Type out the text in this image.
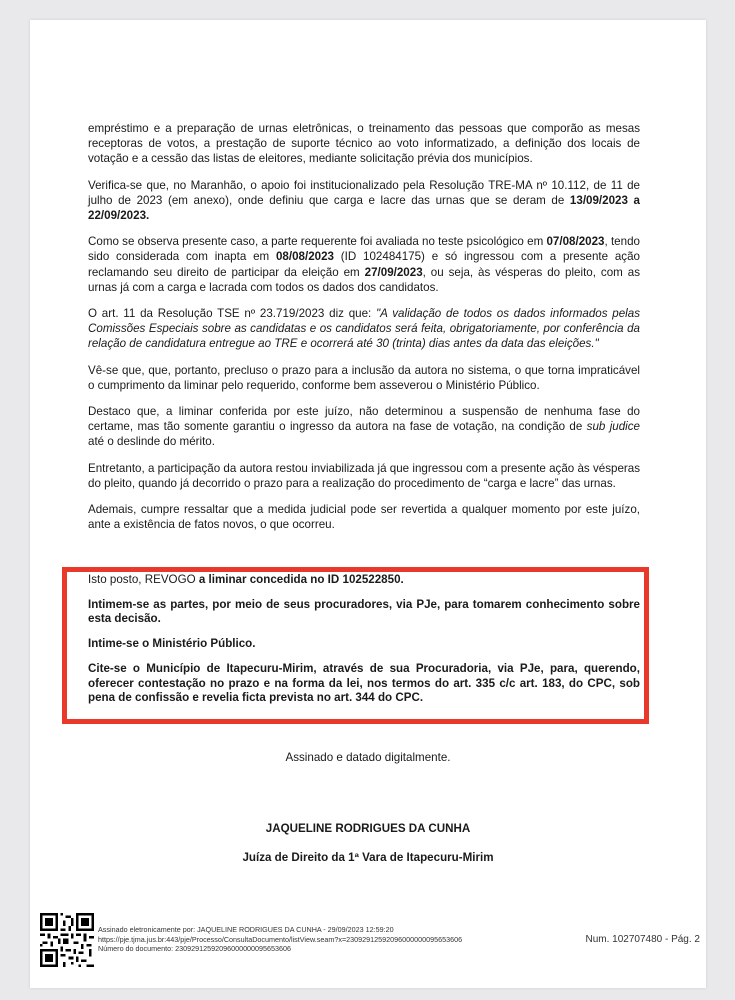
empréstimo e a preparação de urnas eletrônicas, o treinamento das pessoas que comporão as mesas receptoras de votos, a prestação de suporte técnico ao voto informatizado, a definição dos locais de votação e a cessão das listas de eleitores, mediante solicitação prévia dos municípios.

Verifica-se que, no Maranhão, o apoio foi institucionalizado pela Resolução TRE-MA nº 10.112, de 11 de julho de 2023 (em anexo), onde definiu que carga e lacre das urnas que se deram de 13/09/2023 a 22/09/2023.

Como se observa presente caso, a parte requerente foi avaliada no teste psicológico em 07/08/2023, tendo sido considerada com inapta em 08/08/2023 (ID 102484175) e só ingressou com a presente ação reclamando seu direito de participar da eleição em 27/09/2023, ou seja, às vésperas do pleito, com as urnas já com a carga e lacrada com todos os dados dos candidatos.

O art. 11 da Resolução TSE nº 23.719/2023 diz que: "A validação de todos os dados informados pelas Comissões Especiais sobre as candidatas e os candidatos será feita, obrigatoriamente, por conferência da relação de candidatura entregue ao TRE e ocorrerá até 30 (trinta) dias antes da data das eleições."

Vê-se que, que, portanto, precluso o prazo para a inclusão da autora no sistema, o que torna impraticável o cumprimento da liminar pelo requerido, conforme bem asseverou o Ministério Público.

Destaco que, a liminar conferida por este juízo, não determinou a suspensão de nenhuma fase do certame, mas tão somente garantiu o ingresso da autora na fase de votação, na condição de sub judice até o deslinde do mérito.

Entretanto, a participação da autora restou inviabilizada já que ingressou com a presente ação às vésperas do pleito, quando já decorrido o prazo para a realização do procedimento de “carga e lacre” das urnas.

Ademais, cumpre ressaltar que a medida judicial pode ser revertida a qualquer momento por este juízo, ante a existência de fatos novos, o que ocorreu.

Isto posto, REVOGO a liminar concedida no ID 102522850.

Intimem-se as partes, por meio de seus procuradores, via PJe, para tomarem conhecimento sobre esta decisão.

Intime-se o Ministério Público.

Cite-se o Município de Itapecuru-Mirim, através de sua Procuradoria, via PJe, para, querendo, oferecer contestação no prazo e na forma da lei, nos termos do art. 335 c/c art. 183, do CPC, sob pena de confissão e revelia ficta prevista no art. 344 do CPC.

Assinado e datado digitalmente.
JAQUELINE RODRIGUES DA CUNHA
Juíza de Direito da 1ª Vara de Itapecuru-Mirim
Assinado eletronicamente por: JAQUELINE RODRIGUES DA CUNHA - 29/09/2023 12:59:20
https://pje.tjma.jus.br:443/pje/Processo/ConsultaDocumento/listView.seam?x=23092912592096000000095653606
Número do documento: 23092912592096000000095653606
Num. 102707480 - Pág. 2
